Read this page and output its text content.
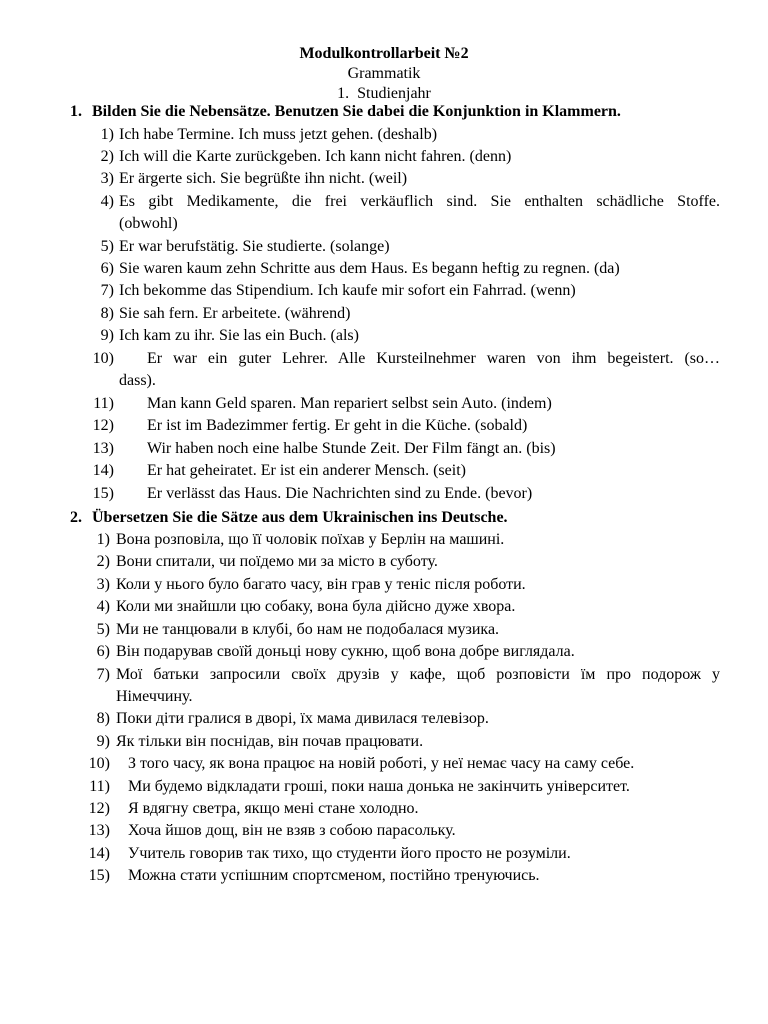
Modulkontrollarbeit №2
Grammatik
1. Studienjahr
1. Bilden Sie die Nebensätze. Benutzen Sie dabei die Konjunktion in Klammern.
1) Ich habe Termine. Ich muss jetzt gehen. (deshalb)
2) Ich will die Karte zurückgeben. Ich kann nicht fahren. (denn)
3) Er ärgerte sich. Sie begrüßte ihn nicht. (weil)
4) Es gibt Medikamente, die frei verkäuflich sind. Sie enthalten schädliche Stoffe.
(obwohl)
5) Er war berufstätig. Sie studierte. (solange)
6) Sie waren kaum zehn Schritte aus dem Haus. Es begann heftig zu regnen. (da)
7) Ich bekomme das Stipendium. Ich kaufe mir sofort ein Fahrrad. (wenn)
8) Sie sah fern. Er arbeitete. (während)
9) Ich kam zu ihr. Sie las ein Buch. (als)
10) Er war ein guter Lehrer. Alle Kursteilnehmer waren von ihm begeistert. (so…
dass).
11) Man kann Geld sparen. Man repariert selbst sein Auto. (indem)
12) Er ist im Badezimmer fertig. Er geht in die Küche. (sobald)
13) Wir haben noch eine halbe Stunde Zeit. Der Film fängt an. (bis)
14) Er hat geheiratet. Er ist ein anderer Mensch. (seit)
15) Er verlässt das Haus. Die Nachrichten sind zu Ende. (bevor)
2. Übersetzen Sie die Sätze aus dem Ukrainischen ins Deutsche.
1) Вона розповіла, що її чоловік поїхав у Берлін на машині.
2) Вони спитали, чи поїдемо ми за місто в суботу.
3) Коли у нього було багато часу, він грав у теніс після роботи.
4) Коли ми знайшли цю собаку, вона була дійсно дуже хвора.
5) Ми не танцювали в клубі, бо нам не подобалася музика.
6) Він подарував своїй доньці нову сукню, щоб вона добре виглядала.
7) Мої батьки запросили своїх друзів у кафе, щоб розповісти їм про подорож у
Німеччину.
8) Поки діти гралися в дворі, їх мама дивилася телевізор.
9) Як тільки він поснідав, він почав працювати.
10) З того часу, як вона працює на новій роботі, у неї немає часу на саму себе.
11) Ми будемо відкладати гроші, поки наша донька не закінчить університет.
12) Я вдягну светра, якщо мені стане холодно.
13) Хоча йшов дощ, він не взяв з собою парасольку.
14) Учитель говорив так тихо, що студенти його просто не розуміли.
15) Можна стати успішним спортсменом, постійно тренуючись.
